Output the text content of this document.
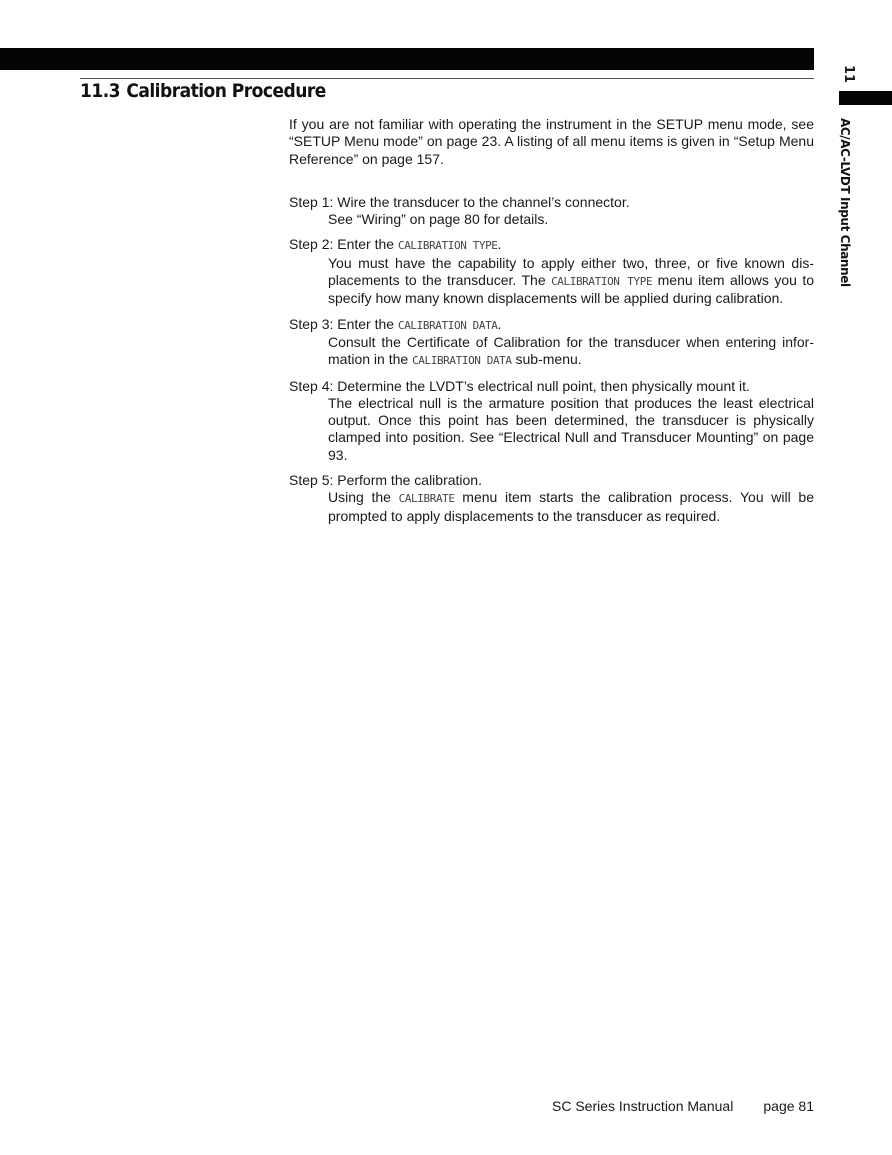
11.3 Calibration Procedure
11
AC/AC-LVDT Input Channel

If you are not familiar with operating the instrument in the SETUP menu mode, see “SETUP Menu mode” on page 23. A listing of all menu items is given in “Setup Menu Reference” on page 157.

Step 1: Wire the transducer to the channel’s connector.

See “Wiring” on page 80 for details.

Step 2: Enter the CALIBRATION TYPE.

You must have the capability to apply either two, three, or five known displacements to the transducer. The CALIBRATION TYPE menu item allows you to specify how many known displacements will be applied during calibration.

Step 3: Enter the CALIBRATION DATA.

Consult the Certificate of Calibration for the transducer when entering information in the CALIBRATION DATA sub-menu.

Step 4: Determine the LVDT’s electrical null point, then physically mount it.

The electrical null is the armature position that produces the least electrical output. Once this point has been determined, the transducer is physically clamped into position. See “Electrical Null and Transducer Mounting” on page 93.

Step 5: Perform the calibration.

Using the CALIBRATE menu item starts the calibration process. You will be prompted to apply displacements to the transducer as required.

SC Series Instruction Manual page 81
